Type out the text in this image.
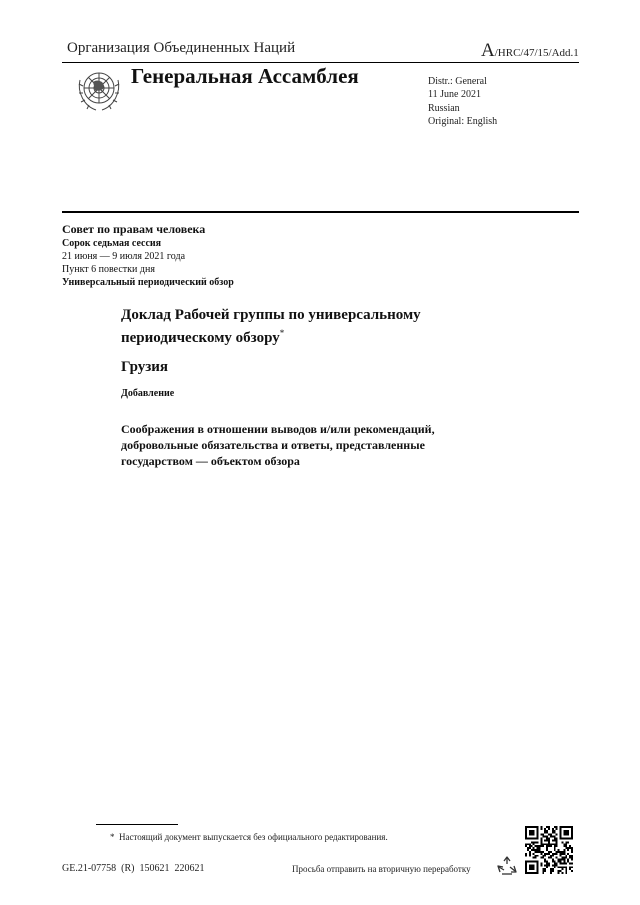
Организация Объединенных Наций	A/HRC/47/15/Add.1
Генеральная Ассамблея	Distr.: General
11 June 2021
Russian
Original: English
Совет по правам человека
Сорок седьмая сессия
21 июня — 9 июля 2021 года
Пункт 6 повестки дня
Универсальный периодический обзор
Доклад Рабочей группы по универсальному
периодическому обзору*
Грузия
Добавление
Соображения в отношении выводов и/или рекомендаций,
добровольные обязательства и ответы, представленные
государством — объектом обзора
* Настоящий документ выпускается без официального редактирования.
GE.21-07758  (R)  150621  220621	Просьба отправить на вторичную переработку
